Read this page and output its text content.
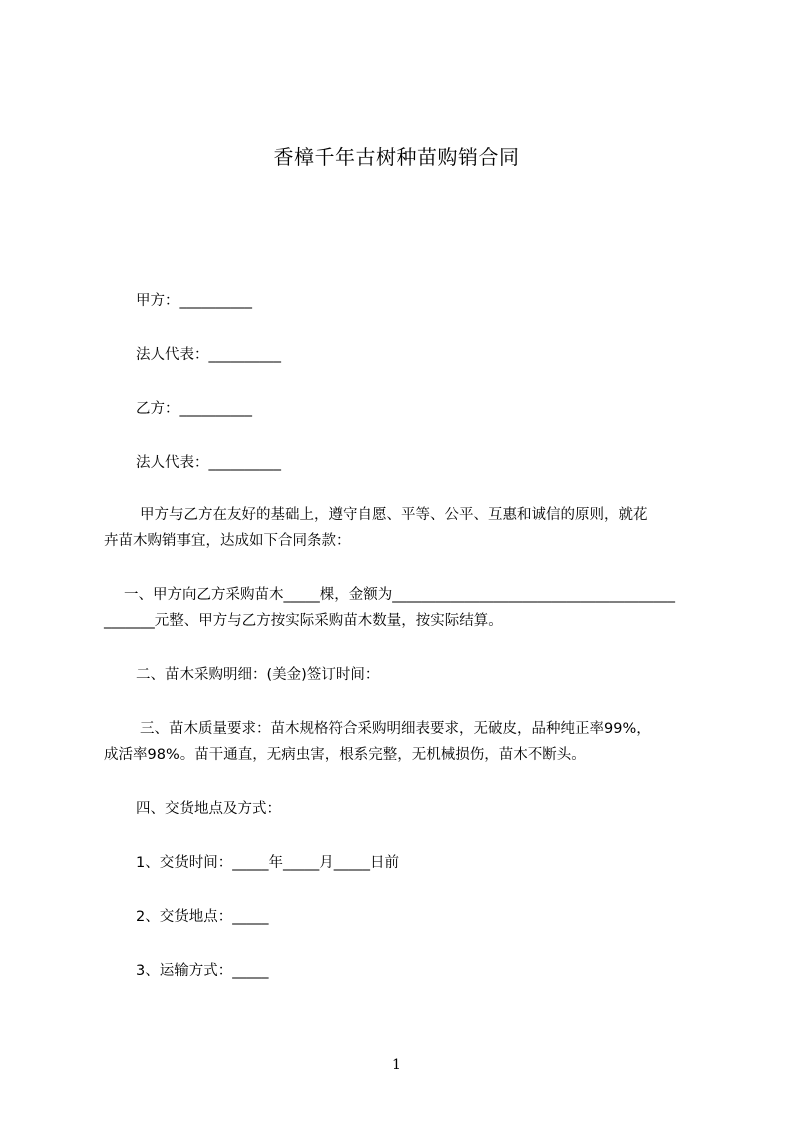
香樟千年古树种苗购销合同
甲方：__________
法人代表：__________
乙方：__________
法人代表：__________
甲方与乙方在友好的基础上，遵守自愿、平等、公平、互惠和诚信的原则，就花
卉苗木购销事宜，达成如下合同条款：
一、甲方向乙方采购苗木_____棵，金额为_______________________________________
_______元整、甲方与乙方按实际采购苗木数量，按实际结算。
二、苗木采购明细：(美金)签订时间：
三、苗木质量要求：苗木规格符合采购明细表要求，无破皮，品种纯正率99%，
成活率98%。苗干通直，无病虫害，根系完整，无机械损伤，苗木不断头。
四、交货地点及方式：
1、交货时间：_____年_____月_____日前
2、交货地点：_____
3、运输方式：_____
1
